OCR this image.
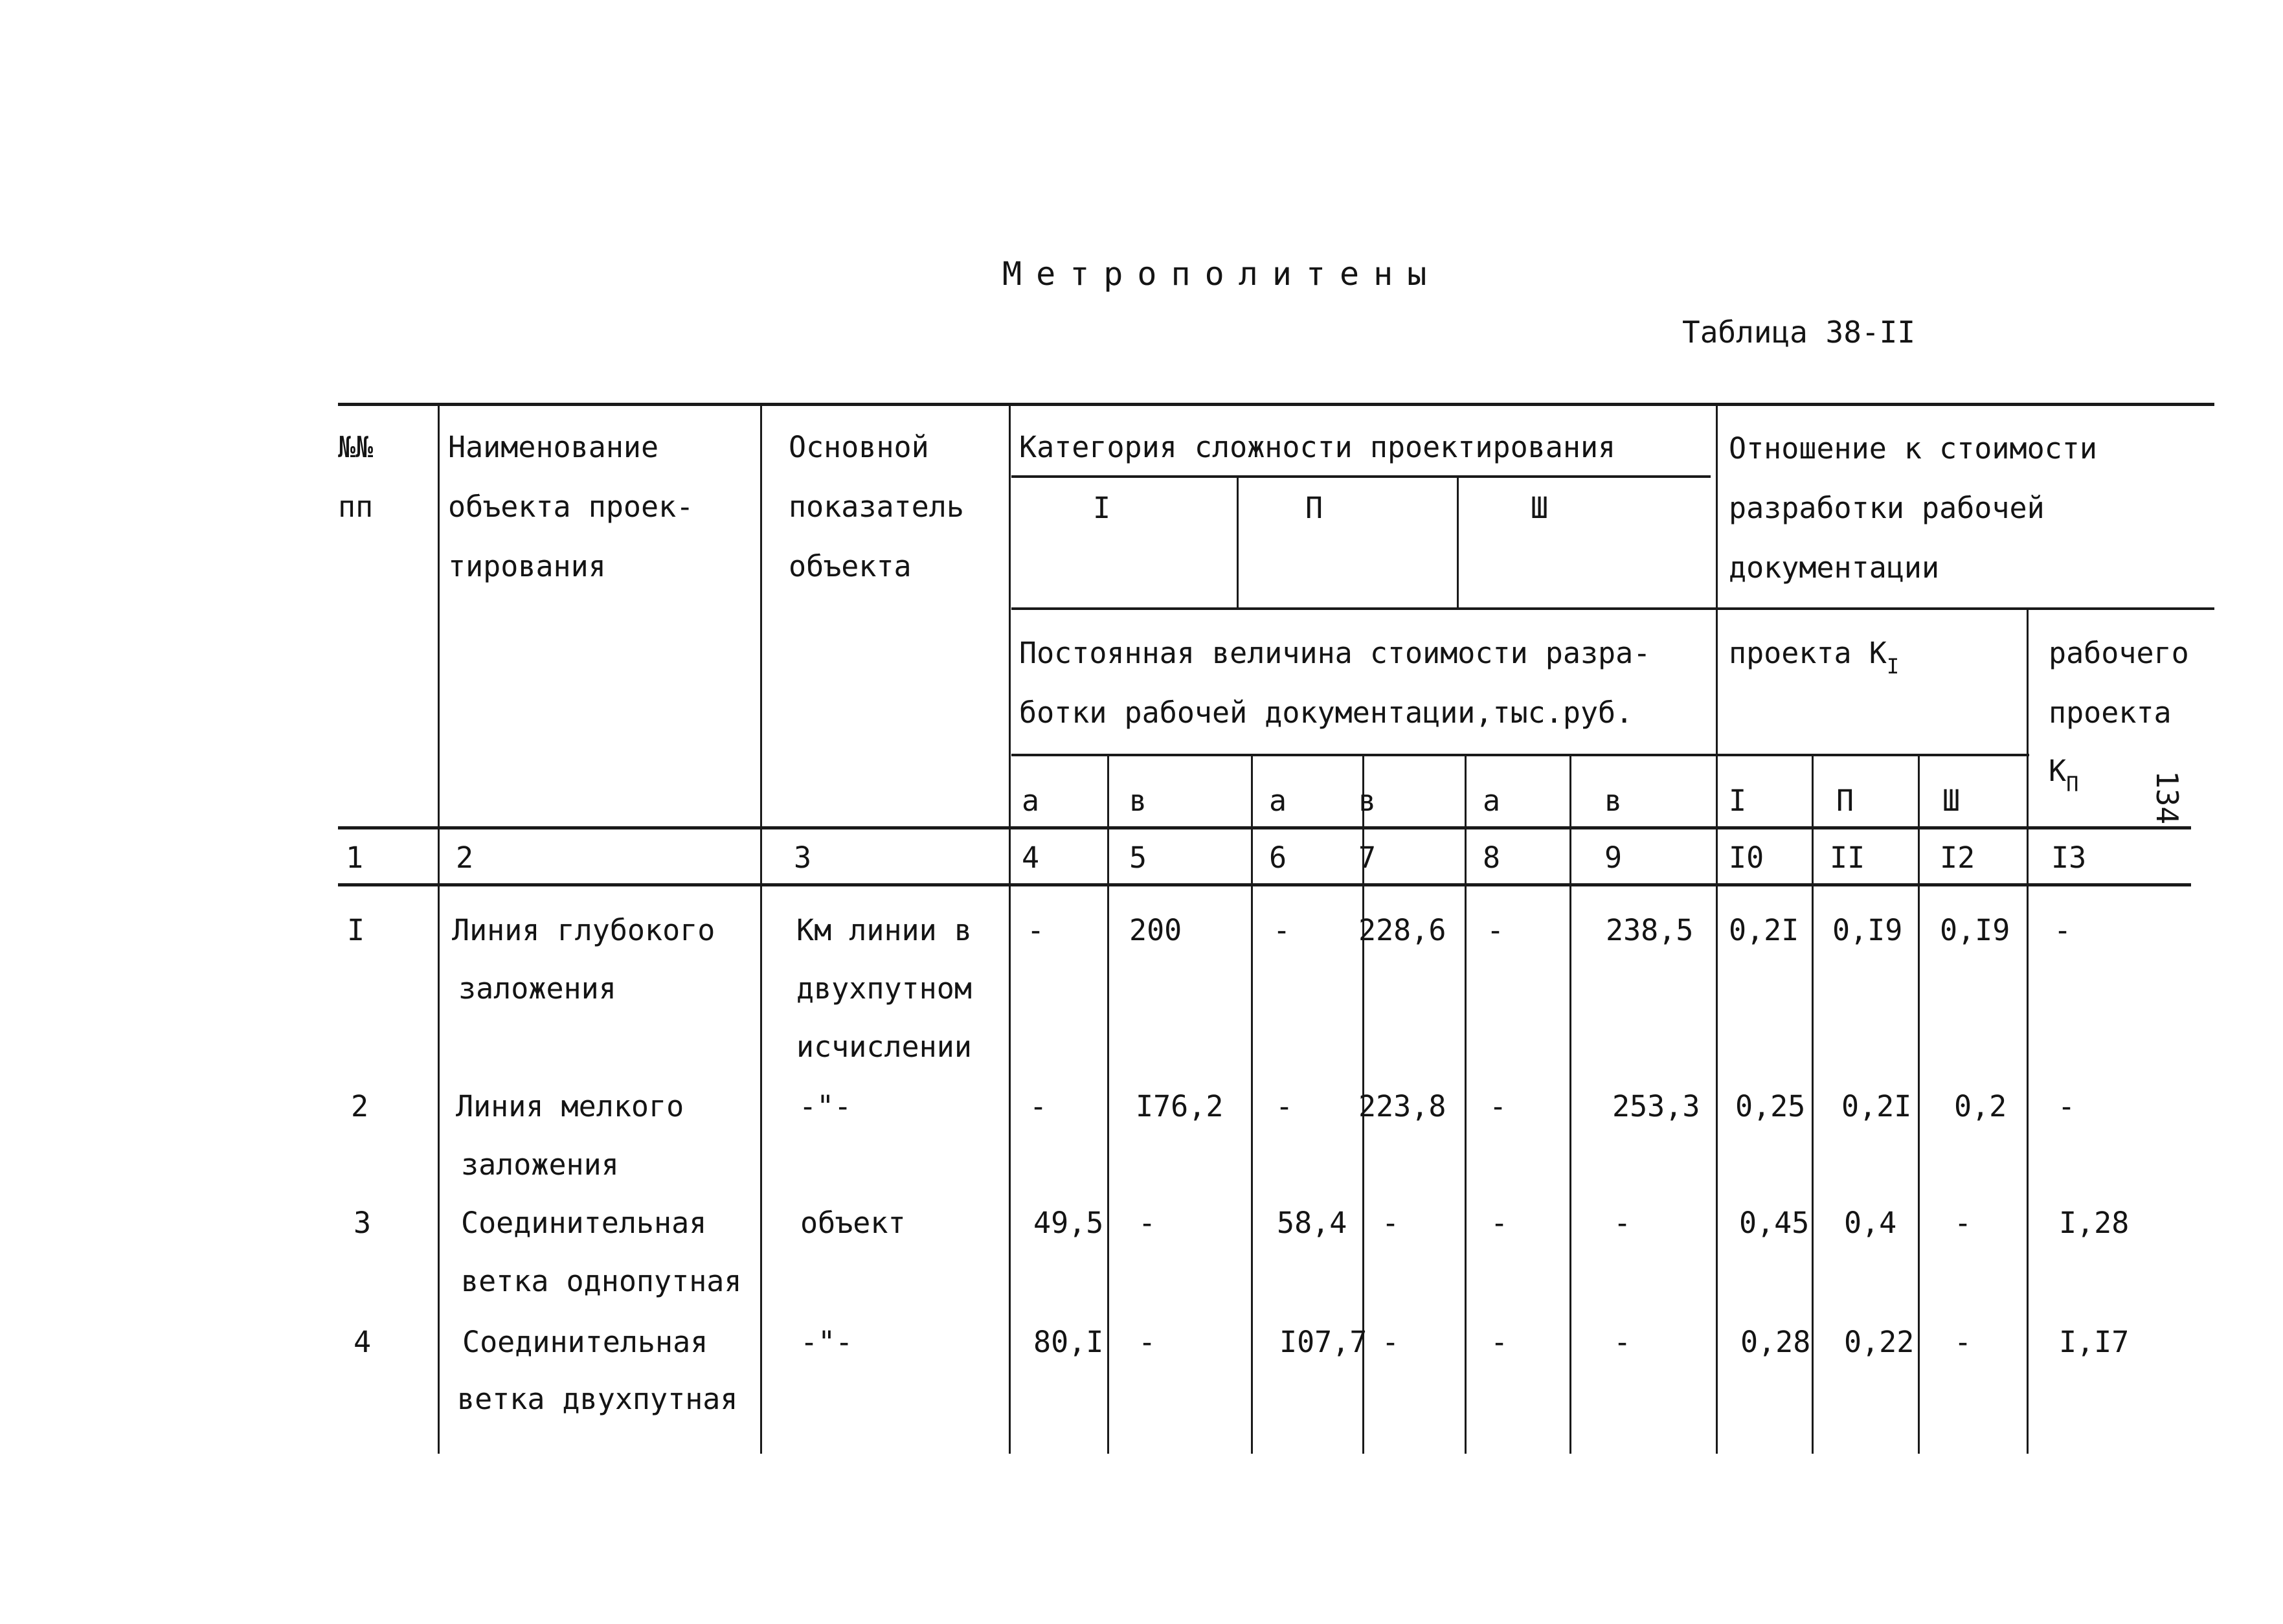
Метрополитены
Таблица 38-II
134
№№
пп
Наименование
объекта проек-
тирования
Основной
показатель
объекта
Категория сложности проектирования
I	П	Ш
Отношение к стоимости
разработки рабочей
документации
Постоянная величина стоимости разра-
ботки рабочей документации,тыс.руб.
проекта $К_I$	рабочего
проекта
$К_П$
а	в	а в	а	в	I	П	Ш
1	2	3	4	5	6 7	8	9	I0 II	I2	I3
I	Линия глубокого
заложения
Км линии в
двухпутном
исчислении
-	200	- 228,6 -	238,5 0,2I 0,I9 0,I9 -
2	Линия мелкого
заложения
-"-	-	I76,2 - 223,8 -	253,3 0,25 0,2I 0,2 -
3	Соединительная
ветка однопутная
объект	49,5 -	58,4 -	-	-	0,45 0,4 -	I,28
4	Соединительная
ветка двухпутная
-"-	80,I -	I07,7 -	-	-	0,28 0,22 -	I,I7
